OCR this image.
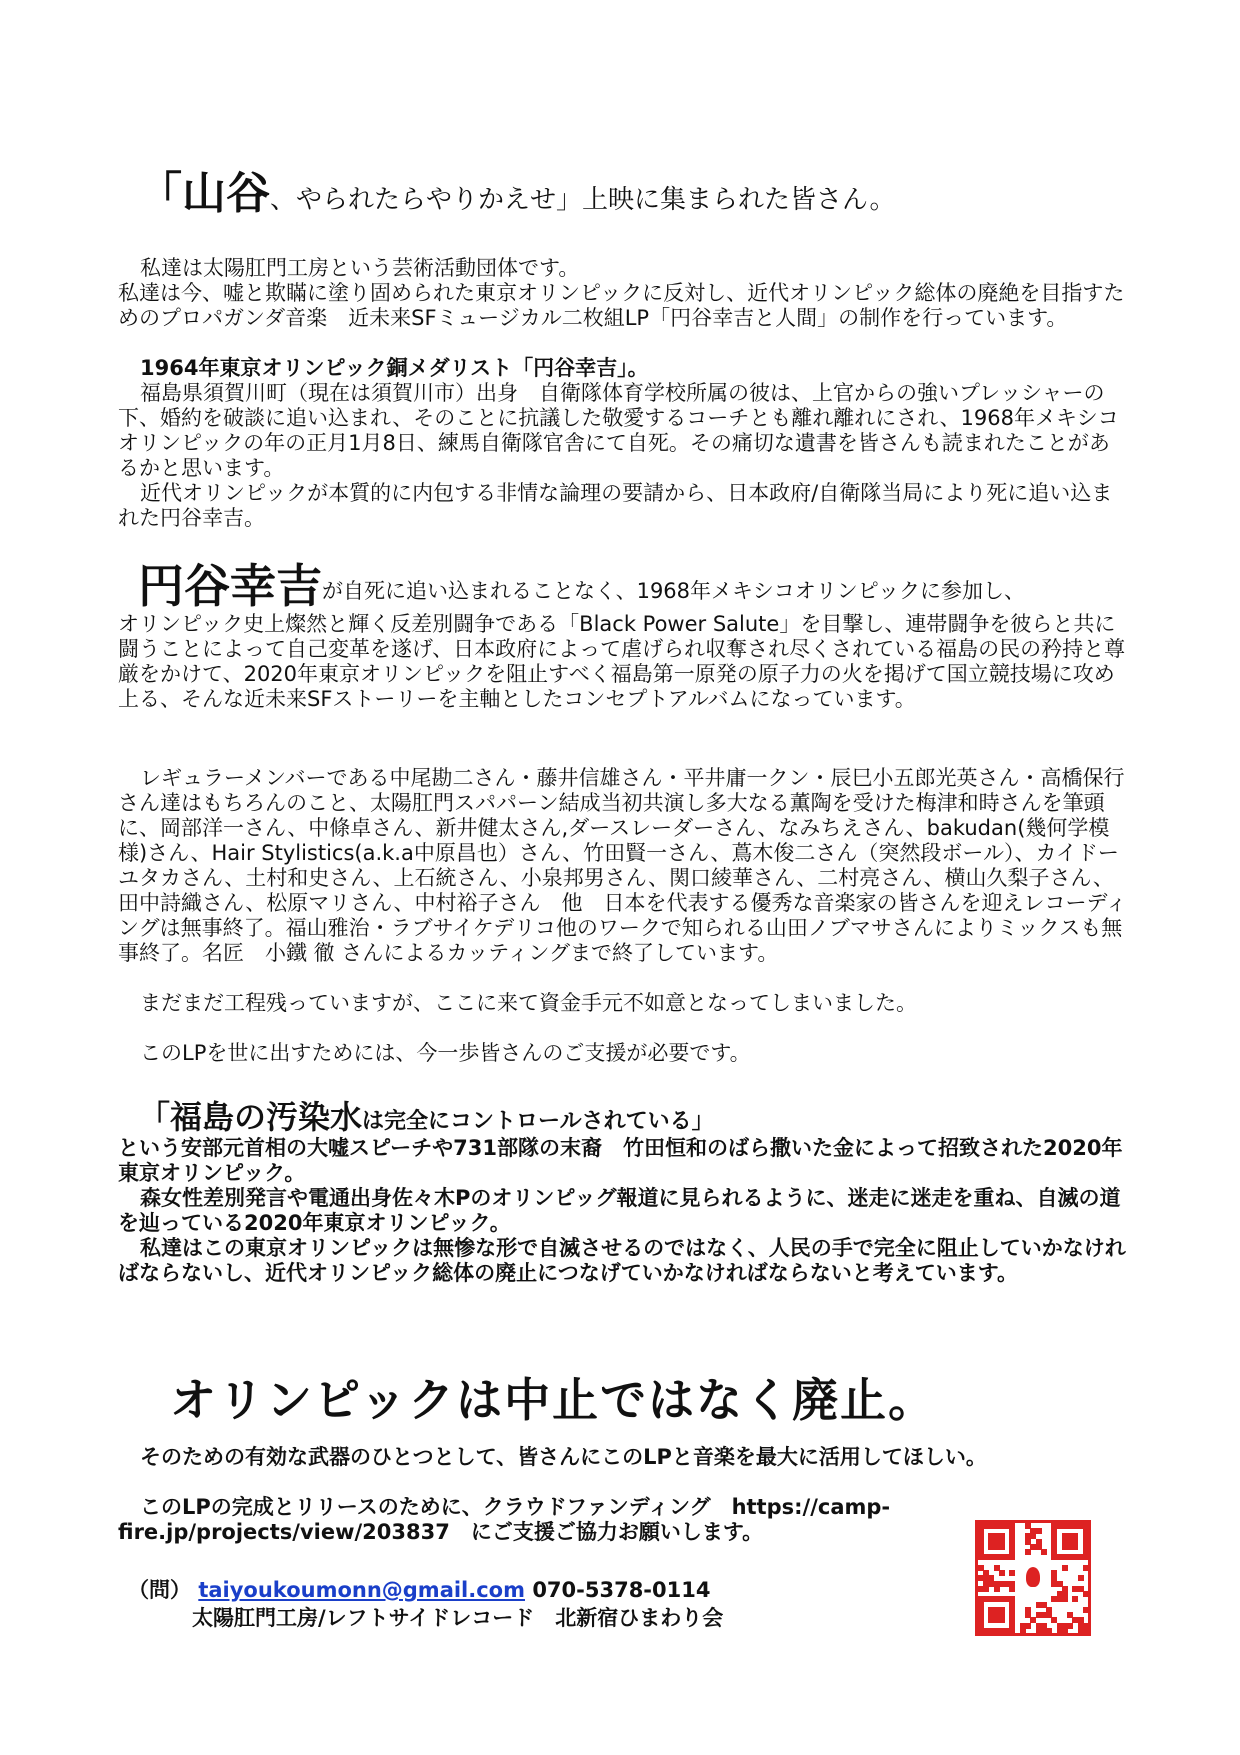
「山谷、やられたらやりかえせ」上映に集まられた皆さん。

私達は太陽肛門工房という芸術活動団体です。

私達は今、嘘と欺瞞に塗り固められた東京オリンピックに反対し、近代オリンピック総体の廃絶を目指すためのプロパガンダ音楽　近未来SFミュージカル二枚組LP「円谷幸吉と人間」の制作を行っています。

1964年東京オリンピック銅メダリスト「円谷幸吉」。

福島県須賀川町（現在は須賀川市）出身　自衛隊体育学校所属の彼は、上官からの強いプレッシャーの下、婚約を破談に追い込まれ、そのことに抗議した敬愛するコーチとも離れ離れにされ、1968年メキシコオリンピックの年の正月1月8日、練馬自衛隊官舎にて自死。その痛切な遺書を皆さんも読まれたことがあるかと思います。

近代オリンピックが本質的に内包する非情な論理の要請から、日本政府/自衛隊当局により死に追い込まれた円谷幸吉。

円谷幸吉が自死に追い込まれることなく、1968年メキシコオリンピックに参加し、

オリンピック史上燦然と輝く反差別闘争である「Black Power Salute」を目撃し、連帯闘争を彼らと共に闘うことによって自己変革を遂げ、日本政府によって虐げられ収奪され尽くされている福島の民の矜持と尊厳をかけて、2020年東京オリンピックを阻止すべく福島第一原発の原子力の火を掲げて国立競技場に攻め上る、そんな近未来SFストーリーを主軸としたコンセプトアルバムになっています。

レギュラーメンバーである中尾勘二さん・藤井信雄さん・平井庸一クン・辰巳小五郎光英さん・高橋保行さん達はもちろんのこと、太陽肛門スパパーン結成当初共演し多大なる薫陶を受けた梅津和時さんを筆頭に、岡部洋一さん、中條卓さん、新井健太さん,ダースレーダーさん、なみちえさん、bakudan(幾何学模様)さん、Hair Stylistics(a.k.a中原昌也）さん、竹田賢一さん、蔦木俊二さん（突然段ボール）、カイドーユタカさん、土村和史さん、上石統さん、小泉邦男さん、関口綾華さん、二村亮さん、横山久梨子さん、田中詩織さん、松原マリさん、中村裕子さん　他　日本を代表する優秀な音楽家の皆さんを迎えレコーディングは無事終了。福山雅治・ラブサイケデリコ他のワークで知られる山田ノブマサさんによりミックスも無事終了。名匠　小鐵 徹 さんによるカッティングまで終了しています。

まだまだ工程残っていますが、ここに来て資金手元不如意となってしまいました。

このLPを世に出すためには、今一歩皆さんのご支援が必要です。

「福島の汚染水は完全にコントロールされている」

という安部元首相の大嘘スピーチや731部隊の末裔　竹田恒和のばら撒いた金によって招致された2020年東京オリンピック。

森女性差別発言や電通出身佐々木Pのオリンピッグ報道に見られるように、迷走に迷走を重ね、自滅の道を辿っている2020年東京オリンピック。

私達はこの東京オリンピックは無惨な形で自滅させるのではなく、人民の手で完全に阻止していかなければならないし、近代オリンピック総体の廃止につなげていかなければならないと考えています。

オリンピックは中止ではなく廃止。

そのための有効な武器のひとつとして、皆さんにこのLPと音楽を最大に活用してほしい。

このLPの完成とリリースのために、クラウドファンディング　https://camp-fire.jp/projects/view/203837　にご支援ご協力お願いします。

（問） taiyoukoumonn@gmail.com 070-5378-0114
太陽肛門工房/レフトサイドレコード　北新宿ひまわり会
